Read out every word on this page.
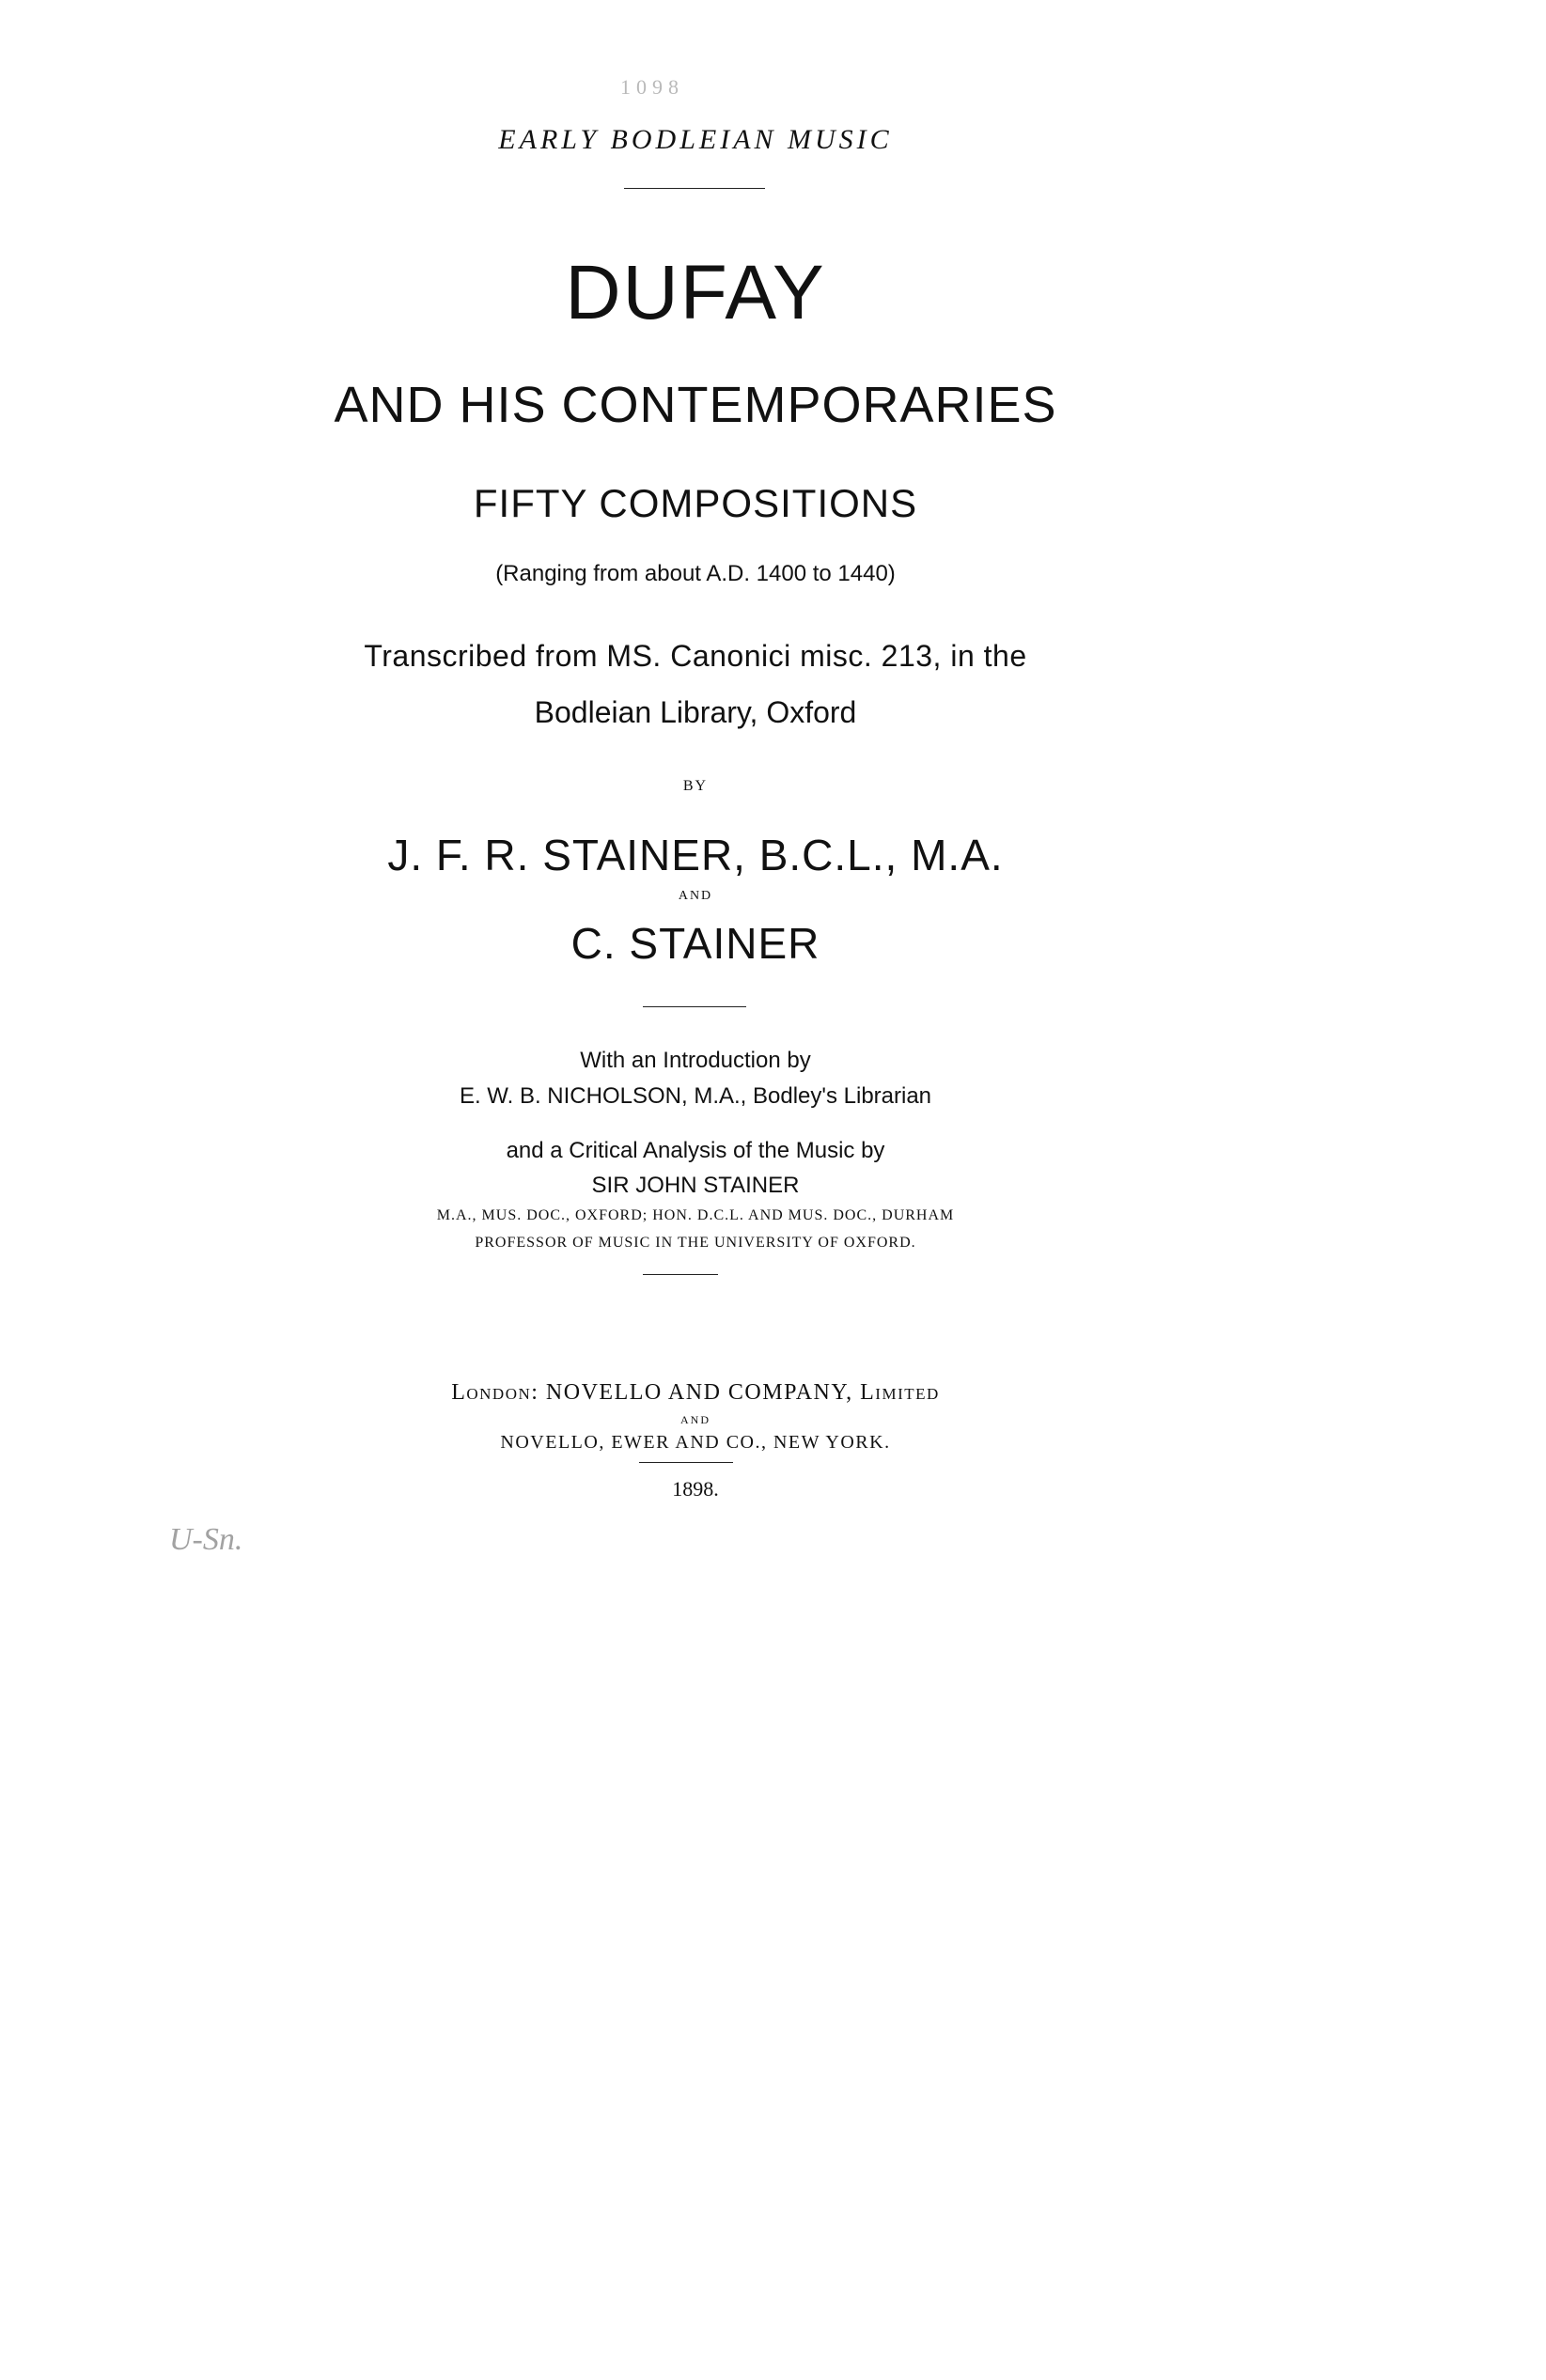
1098
EARLY BODLEIAN MUSIC
DUFAY
AND HIS CONTEMPORARIES
FIFTY COMPOSITIONS
(Ranging from about A.D. 1400 to 1440)
Transcribed from MS. Canonici misc. 213, in the
Bodleian Library, Oxford
BY
J. F. R. STAINER, B.C.L., M.A.
AND
C. STAINER
With an Introduction by
E. W. B. NICHOLSON, M.A., Bodley's Librarian
and a Critical Analysis of the Music by
SIR JOHN STAINER
M.A., MUS. DOC., OXFORD; HON. D.C.L. AND MUS. DOC., DURHAM
PROFESSOR OF MUSIC IN THE UNIVERSITY OF OXFORD.
London: NOVELLO AND COMPANY, Limited
AND
NOVELLO, EWER AND CO., NEW YORK.
1898.
U-Sn.
